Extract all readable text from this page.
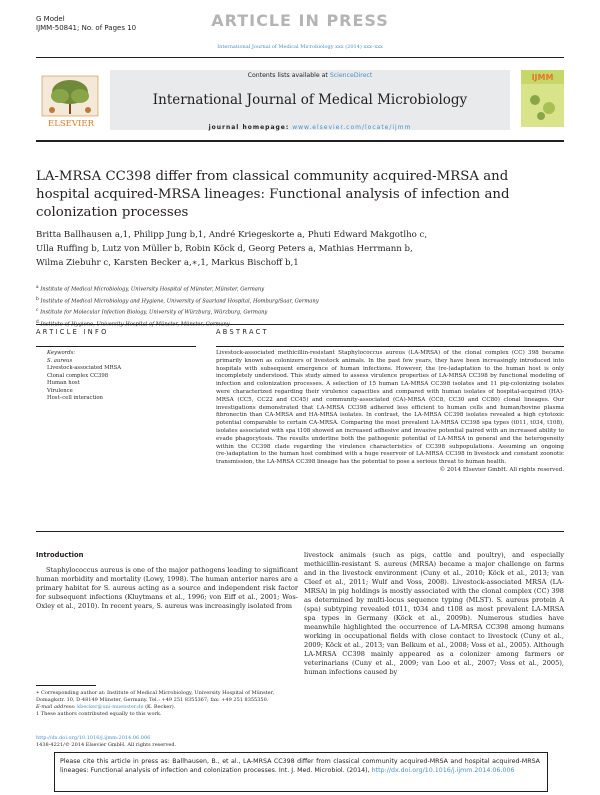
G Model
IJMM-50841; No. of Pages 10	ARTICLE IN PRESS
International Journal of Medical Microbiology xxx (2014) xxx–xxx
Contents lists available at ScienceDirect
International Journal of Medical Microbiology
journal homepage: www.elsevier.com/locate/ijmm
ELSEVIER
IJMM
LA-MRSA CC398 differ from classical community acquired-MRSA and hospital acquired-MRSA lineages: Functional analysis of infection and colonization processes
Britta Ballhausen a,1, Philipp Jung b,1, André Kriegeskorte a, Phuti Edward Makgotlho c,
Ulla Ruffing b, Lutz von Müller b, Robin Köck d, Georg Peters a, Mathias Herrmann b,
Wilma Ziebuhr c, Karsten Becker a,∗,1, Markus Bischoff b,1
$^a$ Institute of Medical Microbiology, University Hospital of Münster, Münster, Germany
$^b$ Institute of Medical Microbiology and Hygiene, University of Saarland Hospital, Homburg/Saar, Germany
$^c$ Institute for Molecular Infection Biology, University of Würzburg, Würzburg, Germany
$^d$ Institute of Hygiene, University Hospital of Münster, Münster, Germany
ARTICLE INFO
Keywords:
S. aureus
Livestock-associated MRSA
Clonal complex CC398
Human host
Virulence
Host–cell interaction
ABSTRACT
Livestock-associated methicillin-resistant Staphylococcus aureus (LA-MRSA) of the clonal complex (CC) 398 became primarily known as colonizers of livestock animals. In the past few years, they have been increasingly introduced into hospitals with subsequent emergence of human infections. However, the (re-)adaptation to the human host is only incompletely understood. This study aimed to assess virulence properties of LA-MRSA CC398 by functional modeling of infection and colonization processes. A selection of 15 human LA-MRSA CC398 isolates and 11 pig-colonizing isolates were characterized regarding their virulence capacities and compared with human isolates of hospital-acquired (HA)-MRSA (CC5, CC22 and CC45) and community-associated (CA)-MRSA (CC8, CC30 and CC80) clonal lineages. Our investigations demonstrated that LA-MRSA CC398 adhered less efficient to human cells and human/bovine plasma fibronectin than CA-MRSA and HA-MRSA isolates. In contrast, the LA-MRSA CC398 isolates revealed a high cytotoxic potential comparable to certain CA-MRSA. Comparing the most prevalent LA-MRSA CC398 spa types (t011, t034, t108), isolates associated with spa t108 showed an increased adhesive and invasive potential paired with an increased ability to evade phagocytosis. The results underline both the pathogenic potential of LA-MRSA in general and the heterogeneity within the CC398 clade regarding the virulence characteristics of CC398 subpopulations. Assuming an ongoing (re-)adaptation to the human host combined with a huge reservoir of LA-MRSA CC398 in livestock and constant zoonotic transmission, the LA-MRSA CC398 lineage has the potential to pose a serious threat to human health.
© 2014 Elsevier GmbH. All rights reserved.
Introduction
Staphylococcus aureus is one of the major pathogens leading to significant human morbidity and mortality (Lowy, 1998). The human anterior nares are a primary habitat for S. aureus acting as a source and independent risk factor for subsequent infections (Kluytmans et al., 1996; von Eiff et al., 2001; Wos-Oxley et al., 2010). In recent years, S. aureus was increasingly isolated from
livestock animals (such as pigs, cattle and poultry), and especially methicillin-resistant S. aureus (MRSA) became a major challenge on farms and in the livestock environment (Cuny et al., 2010; Köck et al., 2013; van Cleef et al., 2011; Wulf and Voss, 2008). Livestock-associated MRSA (LA-MRSA) in pig holdings is mostly associated with the clonal complex (CC) 398 as determined by multi-locus sequence typing (MLST). S. aureus protein A (spa) subtyping revealed t011, t034 and t108 as most prevalent LA-MRSA spa types in Germany (Köck et al., 2009b). Numerous studies have meanwhile highlighted the occurrence of LA-MRSA CC398 among humans working in occupational fields with close contact to livestock (Cuny et al., 2009; Köck et al., 2013; van Belkum et al., 2008; Voss et al., 2005). Although LA-MRSA CC398 mainly appeared as a colonizer among farmers or veterinarians (Cuny et al., 2009; van Loo et al., 2007; Voss et al., 2005), human infections caused by
∗ Corresponding author at: Institute of Medical Microbiology, University Hospital of Münster, Domagkstr. 10, D-48149 Münster, Germany. Tel.: +49 251 8355367; fax: +49 251 8355350.
E-mail address: kbecker@uni-muenster.de (K. Becker).
1 These authors contributed equally to this work.
http://dx.doi.org/10.1016/j.ijmm.2014.06.006
1438-4221/© 2014 Elsevier GmbH. All rights reserved.
Please cite this article in press as: Ballhausen, B., et al., LA-MRSA CC398 differ from classical community acquired-MRSA and hospital acquired-MRSA lineages: Functional analysis of infection and colonization processes. Int. J. Med. Microbiol. (2014), http://dx.doi.org/10.1016/j.ijmm.2014.06.006
